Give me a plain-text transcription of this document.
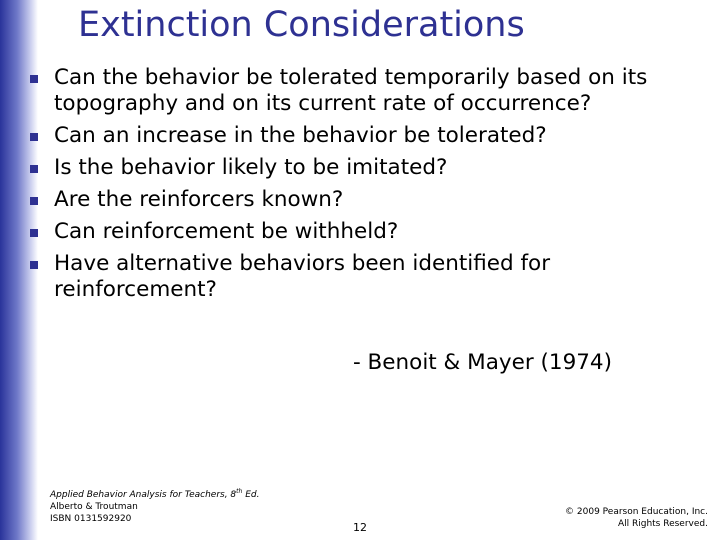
Extinction Considerations
Can the behavior be tolerated temporarily based on its topography and on its current rate of occurrence?
Can an increase in the behavior be tolerated?
Is the behavior likely to be imitated?
Are the reinforcers known?
Can reinforcement be withheld?
Have alternative behaviors been identified for reinforcement?
- Benoit & Mayer (1974)
Applied Behavior Analysis for Teachers, 8th Ed.
Alberto & Troutman
ISBN 0131592920
12
© 2009 Pearson Education, Inc.
All Rights Reserved.
